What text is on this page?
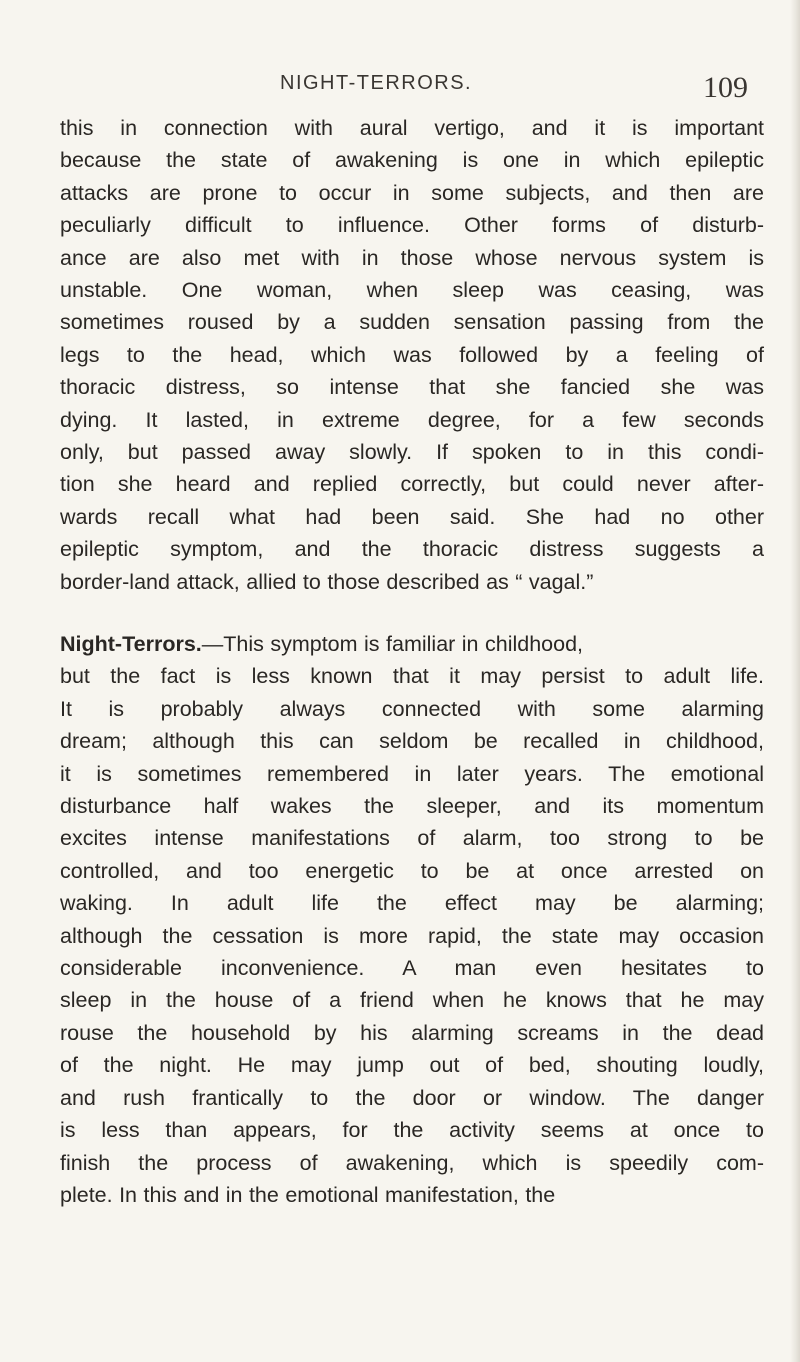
NIGHT-TERRORS.	109
this in connection with aural vertigo, and it is important
because the state of awakening is one in which epileptic
attacks are prone to occur in some subjects, and then are
peculiarly difficult to influence. Other forms of disturb-
ance are also met with in those whose nervous system is
unstable. One woman, when sleep was ceasing, was
sometimes roused by a sudden sensation passing from the
legs to the head, which was followed by a feeling of
thoracic distress, so intense that she fancied she was
dying. It lasted, in extreme degree, for a few seconds
only, but passed away slowly. If spoken to in this condi-
tion she heard and replied correctly, but could never after-
wards recall what had been said. She had no other
epileptic symptom, and the thoracic distress suggests a
border-land attack, allied to those described as “ vagal.”
Night-Terrors.—This symptom is familiar in childhood,
but the fact is less known that it may persist to adult life.
It is probably always connected with some alarming
dream; although this can seldom be recalled in childhood,
it is sometimes remembered in later years. The emotional
disturbance half wakes the sleeper, and its momentum
excites intense manifestations of alarm, too strong to be
controlled, and too energetic to be at once arrested on
waking. In adult life the effect may be alarming;
although the cessation is more rapid, the state may occasion
considerable inconvenience. A man even hesitates to
sleep in the house of a friend when he knows that he may
rouse the household by his alarming screams in the dead
of the night. He may jump out of bed, shouting loudly,
and rush frantically to the door or window. The danger
is less than appears, for the activity seems at once to
finish the process of awakening, which is speedily com-
plete. In this and in the emotional manifestation, the
